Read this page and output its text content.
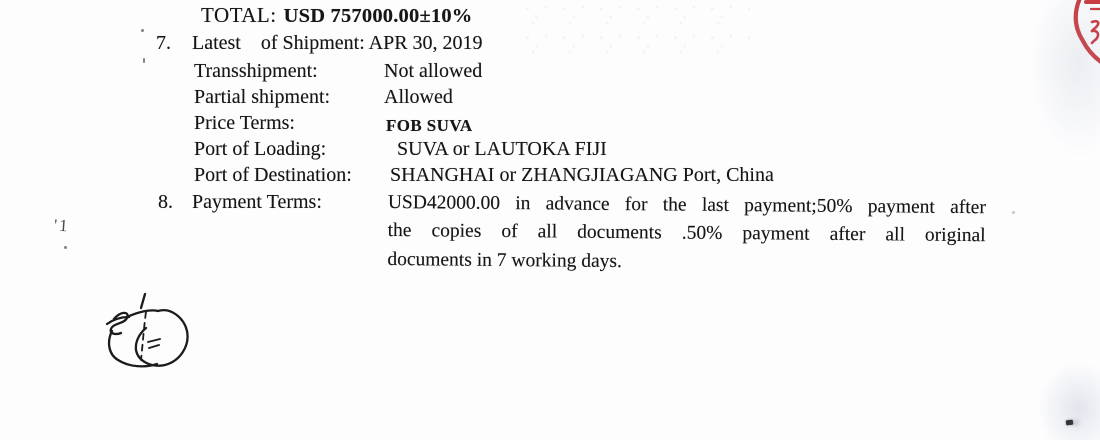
TOTAL: USD 757000.00±10%
7. Latest    of Shipment: APR 30, 2019
Transshipment:	Not allowed
Partial shipment:	Allowed
Price Terms:	FOB SUVA
Port of Loading:	SUVA or LAUTOKA FIJI
Port of Destination: SHANGHAI or ZHANGJIAGANG Port, China
8. Payment Terms:	USD42000.00 in advance for the last payment;50% payment after
the copies of all documents .50% payment after all original
documents in 7 working days.
'1
